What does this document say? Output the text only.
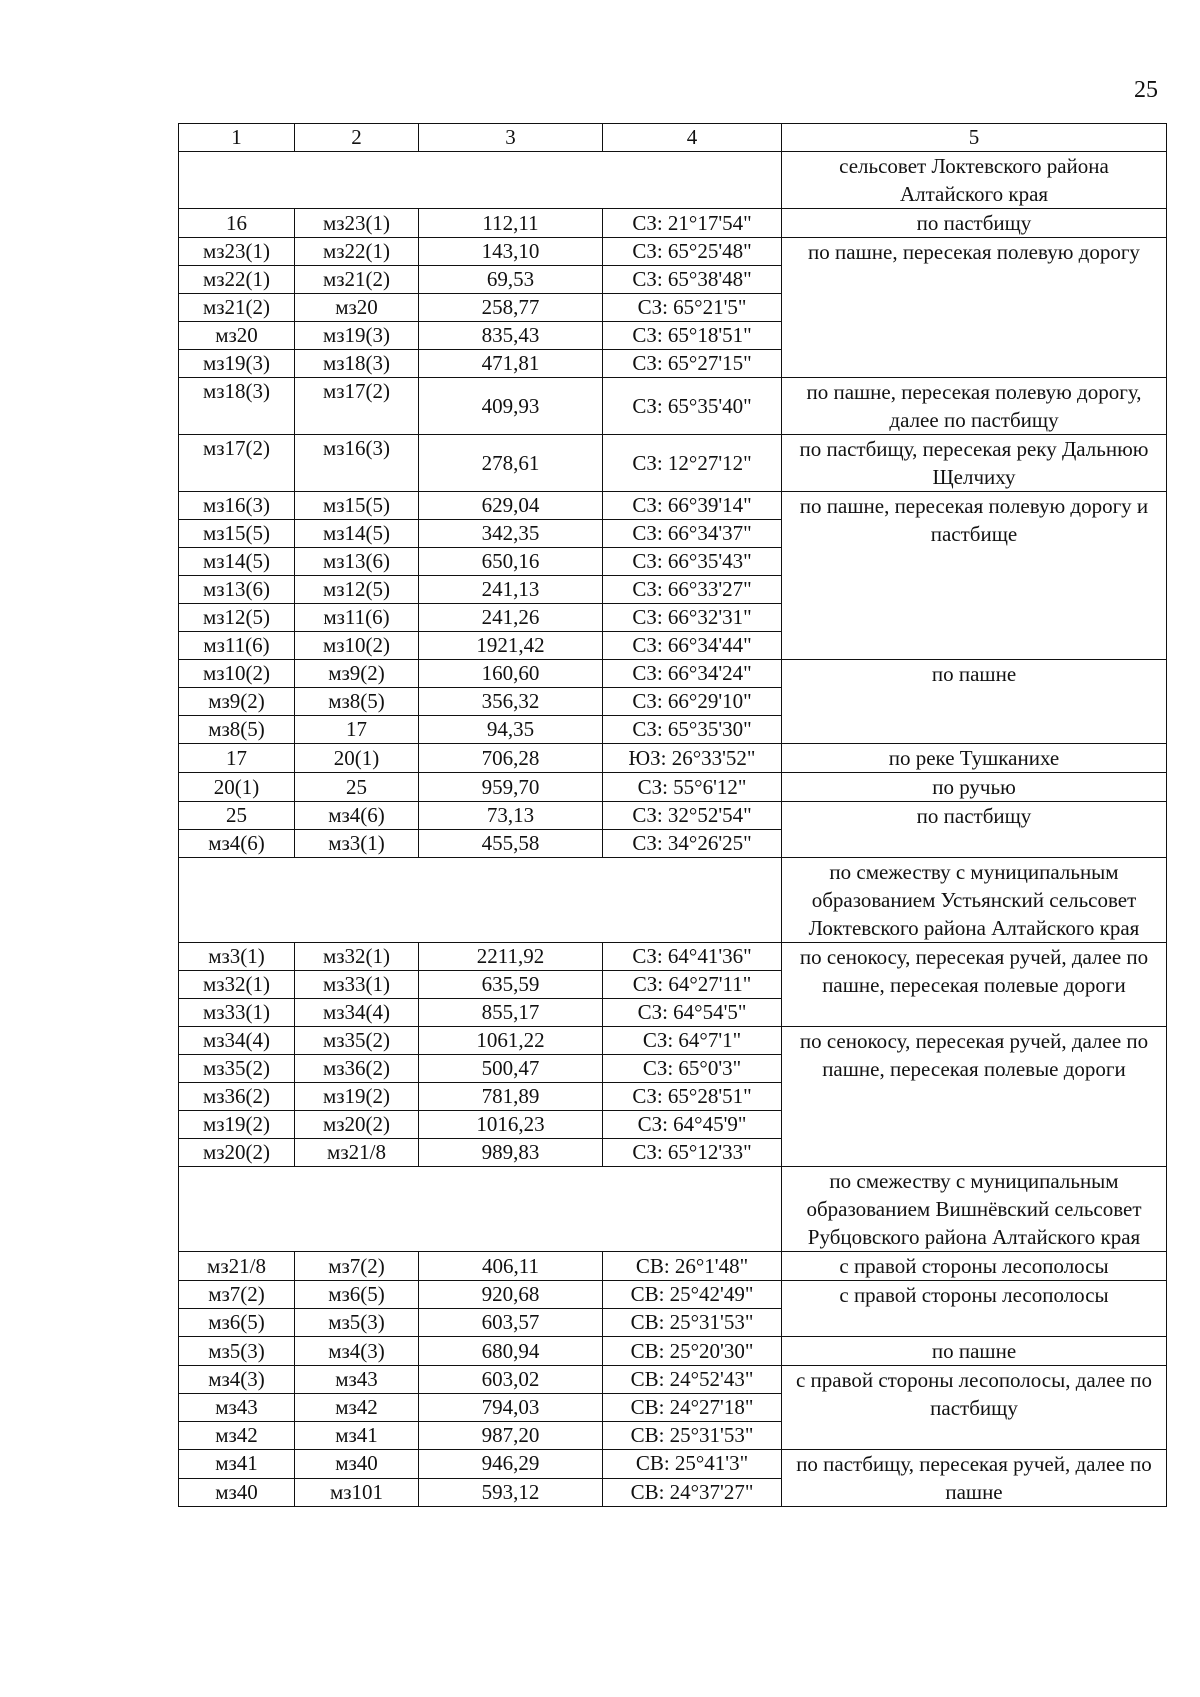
25
1	2	3	4	5
				сельсовет Локтевского района Алтайского края
16	мз23(1)	112,11	СЗ: 21°17'54"	по пастбищу
мз23(1)	мз22(1)	143,10	СЗ: 65°25'48"	по пашне, пересекая полевую дорогу
мз22(1)	мз21(2)	69,53	СЗ: 65°38'48"	
мз21(2)	мз20	258,77	СЗ: 65°21'5"	
мз20	мз19(3)	835,43	СЗ: 65°18'51"	
мз19(3)	мз18(3)	471,81	СЗ: 65°27'15"	
мз18(3)	мз17(2)	409,93	СЗ: 65°35'40"	по пашне, пересекая полевую дорогу, далее по пастбищу
мз17(2)	мз16(3)	278,61	СЗ: 12°27'12"	по пастбищу, пересекая реку Дальнюю Щелчиху
мз16(3)	мз15(5)	629,04	СЗ: 66°39'14"	по пашне, пересекая полевую дорогу и пастбище
мз15(5)	мз14(5)	342,35	СЗ: 66°34'37"	
мз14(5)	мз13(6)	650,16	СЗ: 66°35'43"	
мз13(6)	мз12(5)	241,13	СЗ: 66°33'27"	
мз12(5)	мз11(6)	241,26	СЗ: 66°32'31"	
мз11(6)	мз10(2)	1921,42	СЗ: 66°34'44"	
мз10(2)	мз9(2)	160,60	СЗ: 66°34'24"	по пашне
мз9(2)	мз8(5)	356,32	СЗ: 66°29'10"	
мз8(5)	17	94,35	СЗ: 65°35'30"	
17	20(1)	706,28	ЮЗ: 26°33'52"	по реке Тушканихе
20(1)	25	959,70	СЗ: 55°6'12"	по ручью
25	мз4(6)	73,13	СЗ: 32°52'54"	по пастбищу
мз4(6)	мз3(1)	455,58	СЗ: 34°26'25"	
				по смежеству с муниципальным образованием Устьянский сельсовет Локтевского района Алтайского края
мз3(1)	мз32(1)	2211,92	СЗ: 64°41'36"	по сенокосу, пересекая ручей, далее по пашне, пересекая полевые дороги
мз32(1)	мз33(1)	635,59	СЗ: 64°27'11"	
мз33(1)	мз34(4)	855,17	СЗ: 64°54'5"	
мз34(4)	мз35(2)	1061,22	СЗ: 64°7'1"	по сенокосу, пересекая ручей, далее по пашне, пересекая полевые дороги
мз35(2)	мз36(2)	500,47	СЗ: 65°0'3"	
мз36(2)	мз19(2)	781,89	СЗ: 65°28'51"	
мз19(2)	мз20(2)	1016,23	СЗ: 64°45'9"	
мз20(2)	мз21/8	989,83	СЗ: 65°12'33"	
				по смежеству с муниципальным образованием Вишнёвский сельсовет Рубцовского района Алтайского края
мз21/8	мз7(2)	406,11	СВ: 26°1'48"	с правой стороны лесополосы
мз7(2)	мз6(5)	920,68	СВ: 25°42'49"	с правой стороны лесополосы
мз6(5)	мз5(3)	603,57	СВ: 25°31'53"	
мз5(3)	мз4(3)	680,94	СВ: 25°20'30"	по пашне
мз4(3)	мз43	603,02	СВ: 24°52'43"	с правой стороны лесополосы, далее по пастбищу
мз43	мз42	794,03	СВ: 24°27'18"	
мз42	мз41	987,20	СВ: 25°31'53"	
мз41	мз40	946,29	СВ: 25°41'3"	по пастбищу, пересекая ручей, далее по пашне
мз40	мз101	593,12	СВ: 24°37'27"	
